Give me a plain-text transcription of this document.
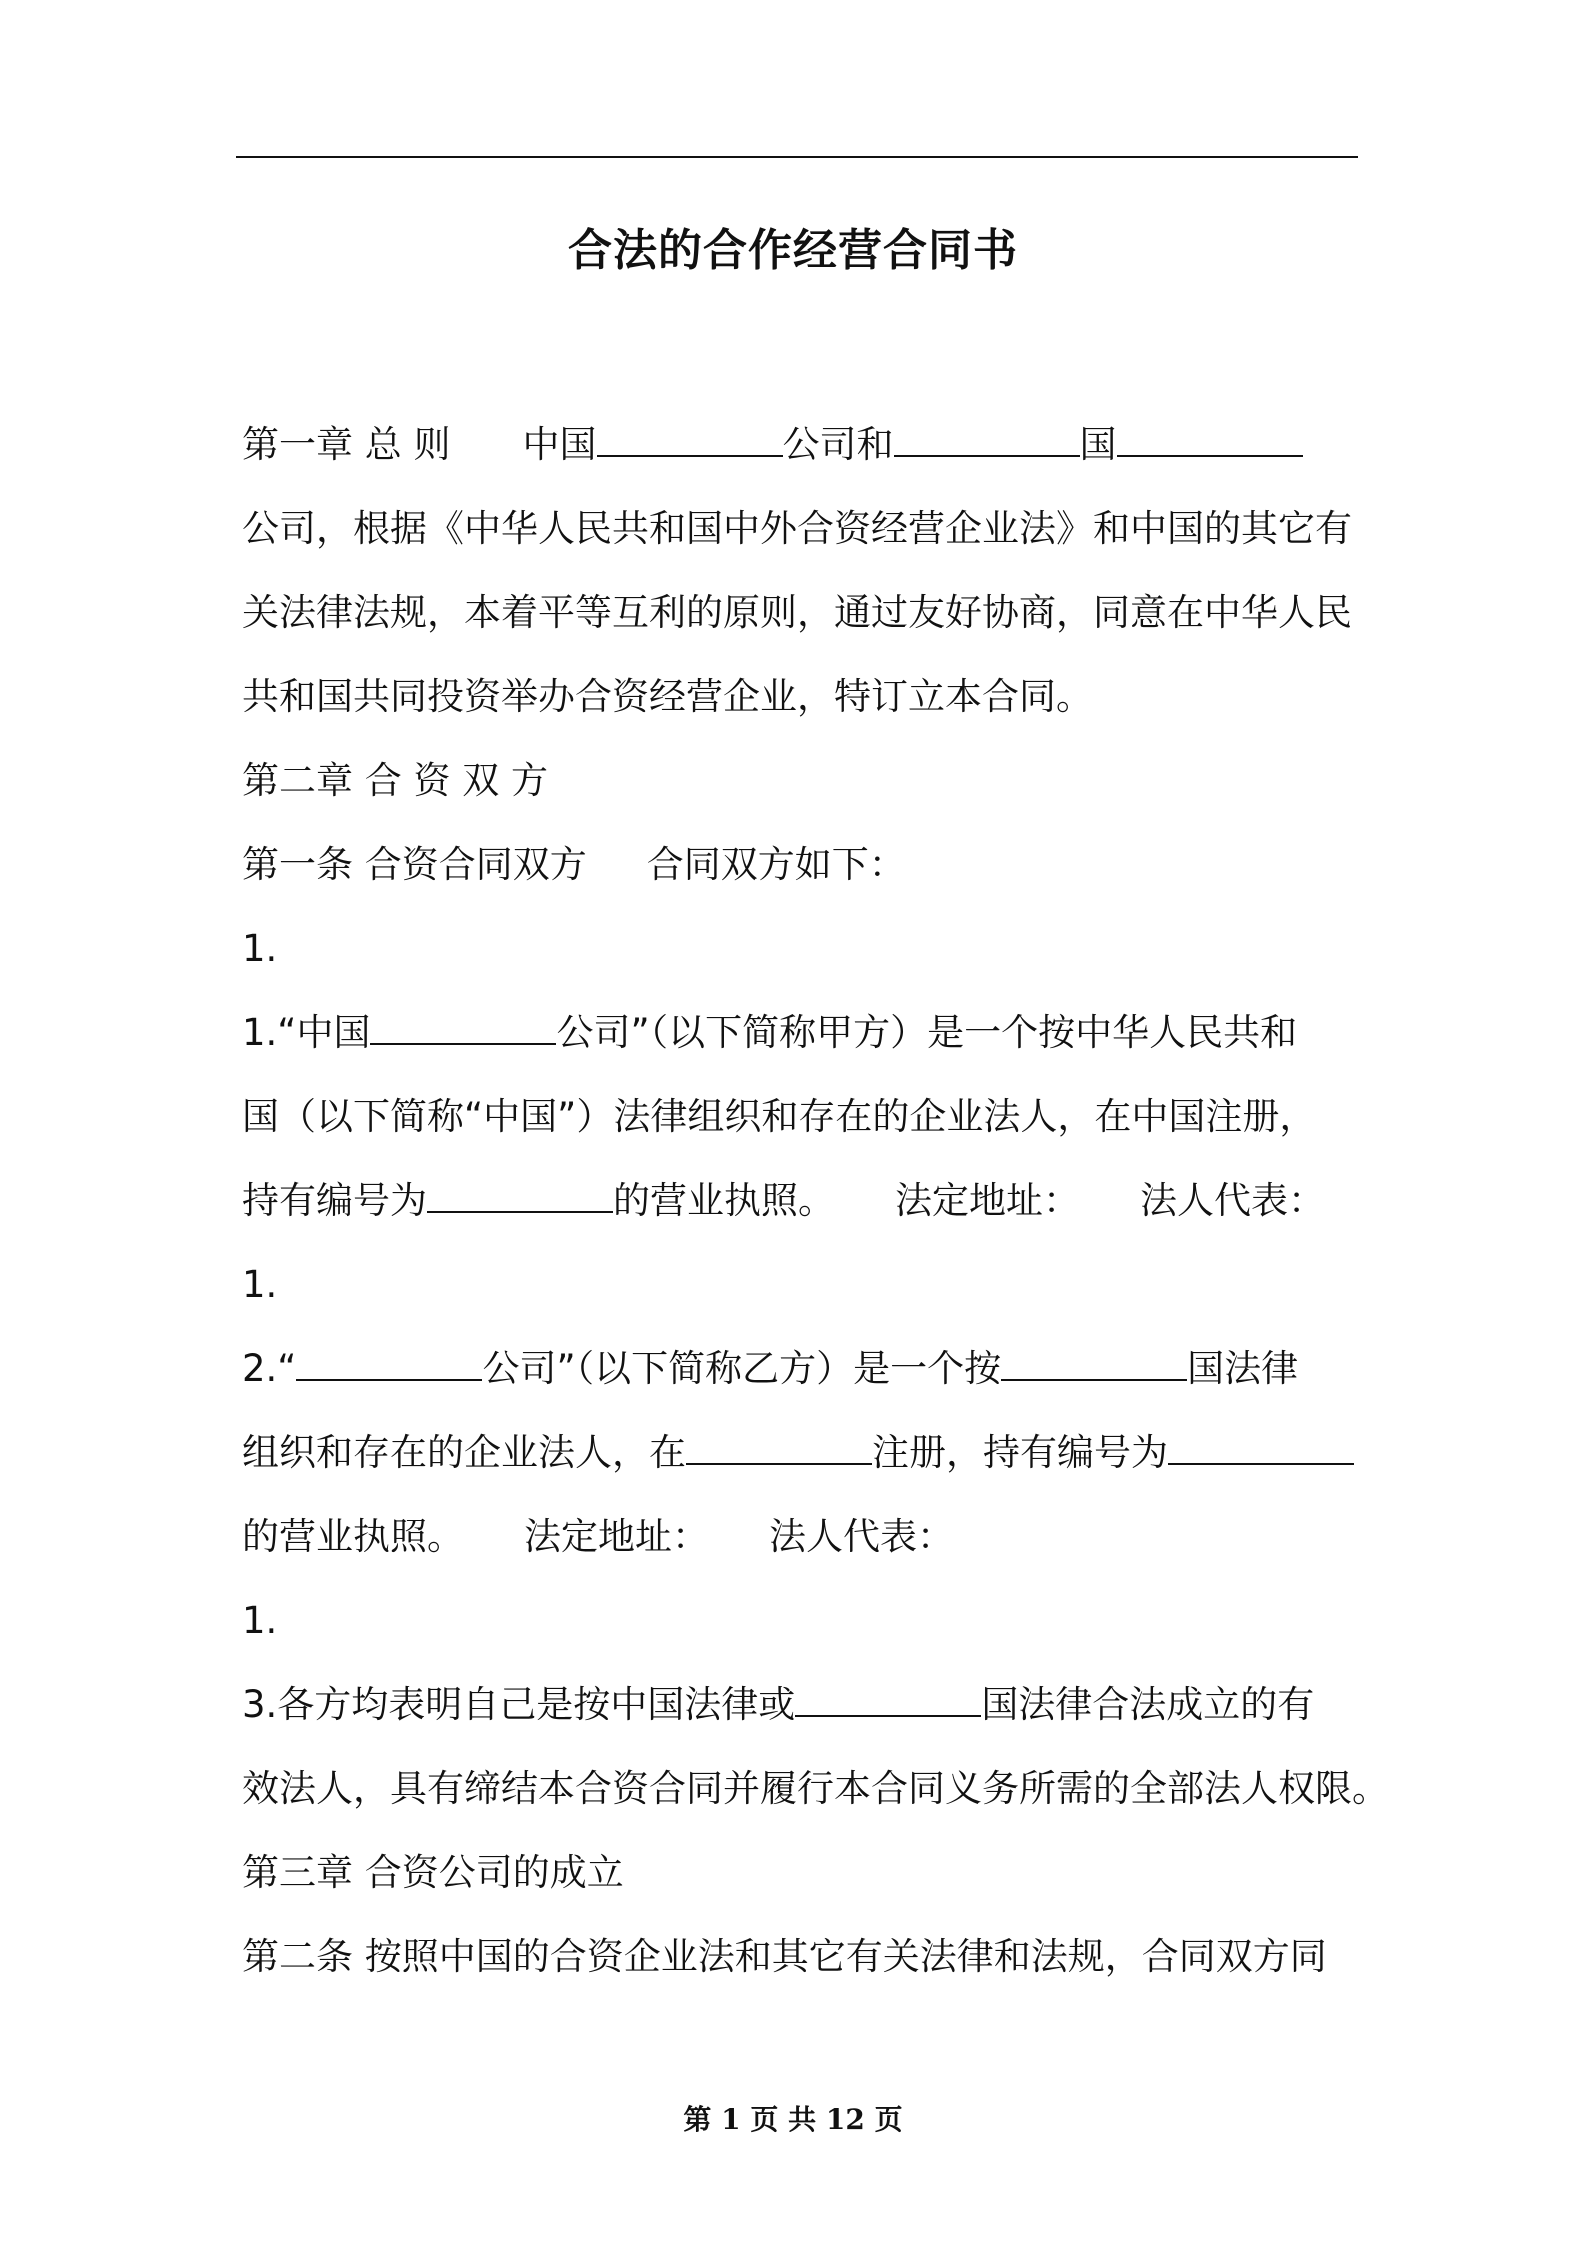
合法的合作经营合同书
第一章 总 则 中国	公司和	国
公司，根据《中华人民共和国中外合资经营企业法》和中国的其它有
关法律法规，本着平等互利的原则，通过友好协商，同意在中华人民
共和国共同投资举办合资经营企业，特订立本合同。
第二章 合 资 双 方
第一条 合资合同双方 合同双方如下：
1.
1.“中国	公司”（以下简称甲方）是一个按中华人民共和
国（以下简称“中国”）法律组织和存在的企业法人，在中国注册，
持有编号为	的营业执照。 法定地址： 法人代表：
1.
2.“	公司”（以下简称乙方）是一个按	国法律
组织和存在的企业法人，在	注册，持有编号为
的营业执照。 法定地址： 法人代表：
1.
3.各方均表明自己是按中国法律或	国法律合法成立的有
效法人，具有缔结本合资合同并履行本合同义务所需的全部法人权限。
第三章 合资公司的成立
第二条 按照中国的合资企业法和其它有关法律和法规，合同双方同
第 1 页 共 12 页
